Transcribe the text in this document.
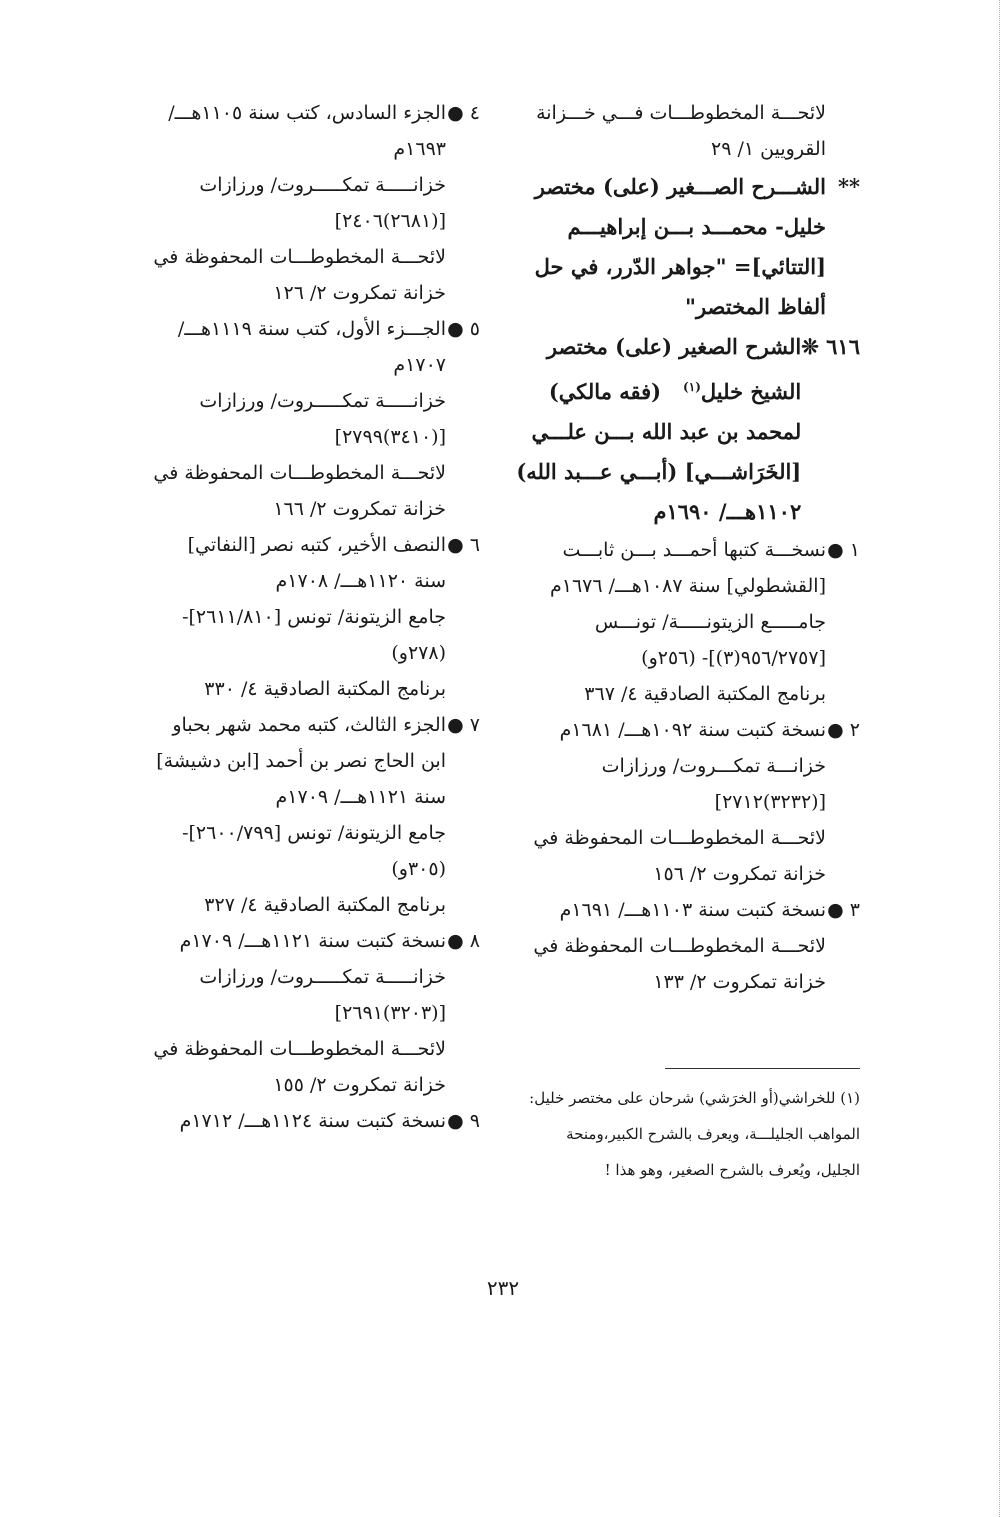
لائحـــة المخطوطـــات فـــي خـــزانة
القرويين ١/ ٢٩
**
الشـــرح الصـــغير (على) مختصر
خليل- محمـــد بـــن إبراهيـــم
[التتائي]= "جواهر الدّرر، في حل
ألفاظ المختصر"
٦١٦ ❊
الشرح الصغير (على) مختصر
الشيخ خليل$^{(١)}$   (فقه مالكي)
لمحمد بن عبد الله بـــن علـــي
[الخَرَاشـــي] (أبـــي عـــبد الله)
١١٠٢هـــ/ ١٦٩٠م
١ ●
نسخـــة كتبها أحمـــد بـــن ثابـــت
[القشطولي] سنة ١٠٨٧هـــ/ ١٦٧٦م
جامـــــع الزيتونـــــة/ تونـــس
[٩٥٦/٢٧٥٧(٣)]- (٢٥٦و)
برنامج المكتبة الصادقية ٤/ ٣٦٧
٢ ●
نسخة كتبت سنة ١٠٩٢هـــ/ ١٦٨١م
خزانـــة تمكـــروت/ ورزازات
[(٣٢٣٢)٢٧١٢]
لائحـــة المخطوطـــات المحفوظة في
خزانة تمكروت ٢/ ١٥٦
٣ ●
نسخة كتبت سنة ١١٠٣هـــ/ ١٦٩١م
لائحـــة المخطوطـــات المحفوظة في
خزانة تمكروت ٢/ ١٣٣
٤ ●
الجزء السادس، كتب سنة ١١٠٥هـــ/
١٦٩٣م
خزانـــــة تمكـــــروت/ ورزازات
[(٢٦٨١)٢٤٠٦]
لائحـــة المخطوطـــات المحفوظة في
خزانة تمكروت ٢/ ١٢٦
٥ ●
الجـــزء الأول، كتب سنة ١١١٩هـــ/
١٧٠٧م
خزانـــــة تمكـــــروت/ ورزازات
[(٣٤١٠)٢٧٩٩]
لائحـــة المخطوطـــات المحفوظة في
خزانة تمكروت ٢/ ١٦٦
٦ ●
النصف الأخير، كتبه نصر [النفاتي]
سنة ١١٢٠هـــ/ ١٧٠٨م
جامع الزيتونة/ تونس [٢٦١١/٨١٠]-
(٢٧٨و)
برنامج المكتبة الصادقية ٤/ ٣٣٠
٧ ●
الجزء الثالث، كتبه محمد شهر بحباو
ابن الحاج نصر بن أحمد [ابن دشيشة]
سنة ١١٢١هـــ/ ١٧٠٩م
جامع الزيتونة/ تونس [٢٦٠٠/٧٩٩]-
(٣٠٥و)
برنامج المكتبة الصادقية ٤/ ٣٢٧
٨ ●
نسخة كتبت سنة ١١٢١هـــ/ ١٧٠٩م
خزانـــــة تمكـــــروت/ ورزازات
[(٣٢٠٣)٢٦٩١]
لائحـــة المخطوطـــات المحفوظة في
خزانة تمكروت ٢/ ١٥٥
٩ ●
نسخة كتبت سنة ١١٢٤هـــ/ ١٧١٢م
(١) للخراشي(أو الخرَشي) شرحان على مختصر خليل:
المواهب الجليلـــة، ويعرف بالشرح الكبير،ومنحة
الجليل، ويُعرف بالشرح الصغير، وهو هذا !
٢٣٢
